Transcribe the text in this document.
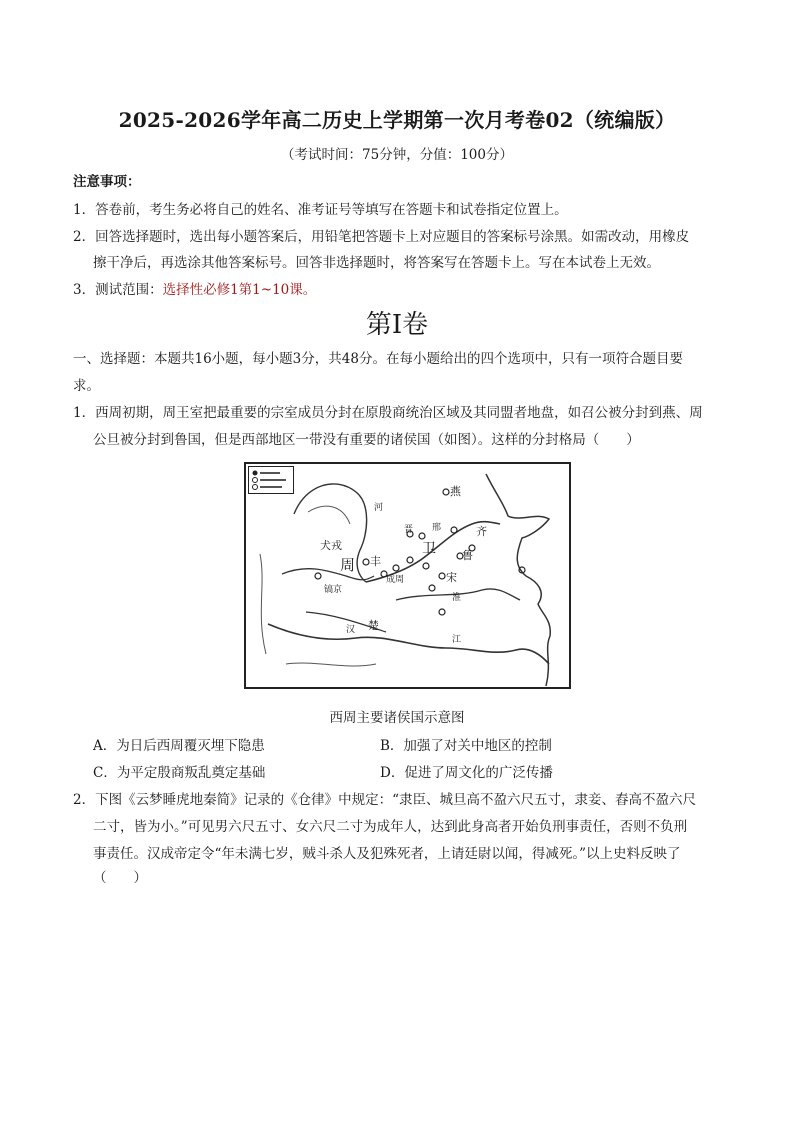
2025-2026学年高二历史上学期第一次月考卷02（统编版）
（考试时间：75分钟，分值：100分）
注意事项：
1．答卷前，考生务必将自己的姓名、准考证号等填写在答题卡和试卷指定位置上。
2．回答选择题时，选出每小题答案后，用铅笔把答题卡上对应题目的答案标号涂黑。如需改动，用橡皮
擦干净后，再选涂其他答案标号。回答非选择题时，将答案写在答题卡上。写在本试卷上无效。
3．测试范围：选择性必修1第1~10课。
第Ⅰ卷
一、选择题：本题共16小题，每小题3分，共48分。在每小题给出的四个选项中，只有一项符合题目要
求。
1．西周初期，周王室把最重要的宗室成员分封在原殷商统治区域及其同盟者地盘，如召公被分封到燕、周
公旦被分封到鲁国，但是西部地区一带没有重要的诸侯国（如图）。这样的分封格局（　　）
燕
卫
齐
鲁
宋
周 丰
镐京
成周
犬戎
河
江
淮
汉 楚
晋 邢
西周主要诸侯国示意图
A．为日后西周覆灭埋下隐患	B．加强了对关中地区的控制
C．为平定殷商叛乱奠定基础	D．促进了周文化的广泛传播
2．下图《云梦睡虎地秦简》记录的《仓律》中规定：“隶臣、城旦高不盈六尺五寸，隶妾、舂高不盈六尺
二寸，皆为小。”可见男六尺五寸、女六尺二寸为成年人，达到此身高者开始负刑事责任，否则不负刑
事责任。汉成帝定令“年未满七岁，贼斗杀人及犯殊死者，上请廷尉以闻，得减死。”以上史料反映了
（　　）
